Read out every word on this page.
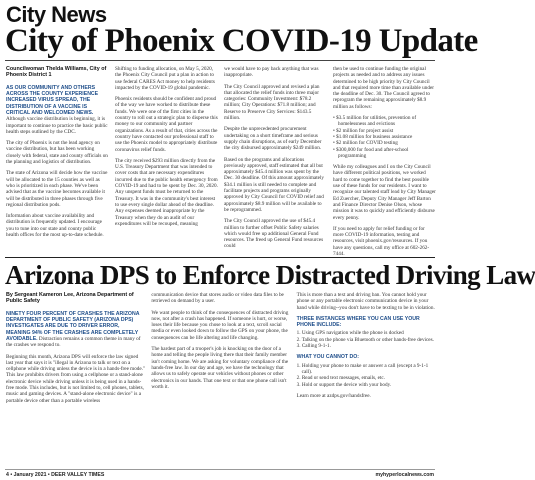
City News
City of Phoenix COVID-19 Update
Councilwoman Thelda Williams, City of Phoenix District 1

AS OUR COMMUNITY AND OTHERS ACROSS THE COUNTY EXPERIENCE INCREASED VIRUS SPREAD, THE DISTRIBUTION OF A VACCINE IS CRITICAL AND WELCOMED NEWS. Although vaccine distribution is beginning, it is important to continue to practice the basic public health steps outlined by the CDC.

The city of Phoenix is not the lead agency on vaccine distribution, but has been working closely with federal, state and county officials on the planning and logistics of distribution.

The state of Arizona will decide how the vaccine will be allocated to the 15 counties as well as who is prioritized in each phase. We've been advised that as the vaccine becomes available it will be distributed in three phases through five regional distribution pods.

Information about vaccine availability and distribution is frequently updated. I encourage you to tune into our state and county public health offices for the most up-to-date schedule.

Shifting to funding allocation, on May 5, 2020, the Phoenix City Council put a plan in action to use federal CARES Act money to help residents impacted by the COVID-19 global pandemic.

Phoenix residents should be confident and proud of the way we have worked to distribute these funds. We were one of the first cities in the country to roll out a strategic plan to disperse this money to our community and partner organizations. As a result of that, cities across the country have contacted our professional staff to use the Phoenix model to appropriately distribute coronavirus relief funds.

The city received $293 million directly from the U.S. Treasury Department that was intended to cover costs that are necessary expenditures incurred due to the public health emergency from COVID-19 and had to be spent by Dec. 30, 2020. Any unspent funds must be returned to the Treasury. It was in the community's best interest to use every single dollar ahead of the deadline. Any expenses deemed inappropriate by the Treasury when they do an audit of our expenditures will be recouped, meaning

we would have to pay back anything that was inappropriate.

The City Council approved and revised a plan that allocated the relief funds into three major categories: Community Investment: $78.2 million; City Operations: $71.8 million; and Reserve to Preserve City Services: $143.5 million.

Despite the unprecedented procurement undertaking on a short timeframe and serious supply chain disruptions, as of early December the city disbursed approximately $249 million.

Based on the programs and allocations previously approved, staff estimated that all but approximately $45.4 million was spent by the Dec. 30 deadline. Of this amount approximately $34.1 million is still needed to complete and facilitate projects and programs originally approved by City Council for COVID relief and approximately $8.9 million will be available to be reprogrammed.

The City Council approved the use of $45.4 million to further offset Public Safety salaries which would free up additional General Fund resources. The freed up General Fund resources could

then be used to continue funding the original projects as needed and to address any issues determined to be high priority by City Council and that required more time than available under the deadline of Dec. 30. The Council agreed to reprogram the remaining approximately $8.9 million as follows:

• $3.5 million for utilities, prevention of homelessness and evictions
• $2 million for project assist
• $1.08 million for business assistance
• $2 million for COVID testing
• $300,000 for food and after-school programming

While my colleagues and I on the City Council have different political positions, we worked hard to come together to find the best possible use of these funds for our residents. I want to recognize our talented staff lead by City Manager Ed Zuercher, Deputy City Manager Jeff Barton and Finance Director Denise Olson, whose mission it was to quickly and efficiently disburse every penny.

If you need to apply for relief funding or for more COVID-19 information, testing and resources, visit phoenix.gov/resources. If you have any questions, call my office at 602-262-7444.

Arizona DPS to Enforce Distracted Driving Law
By Sergeant Kameron Lee, Arizona Department of Public Safety

NINETY FOUR PERCENT OF CRASHES THE ARIZONA DEPARTMENT OF PUBLIC SAFETY (ARIZONA DPS) INVESTIGATES ARE DUE TO DRIVER ERROR, MEANING 94% OF THE CRASHES ARE COMPLETELY AVOIDABLE. Distraction remains a common theme in many of the crashes we respond to.

Beginning this month, Arizona DPS will enforce the law signed last year that says it is "illegal in Arizona to talk or text on a cellphone while driving unless the device is in a hands-free mode." This law prohibits drivers from using a cellphone or a stand-alone electronic device while driving unless it is being used in a hands-free mode. This includes, but is not limited to, cell phones, tablets, music and gaming devices. A "stand-alone electronic device" is a portable device other than a portable wireless

communication device that stores audio or video data files to be retrieved on demand by a user.

We want people to think of the consequences of distracted driving now, not after a crash has happened. If someone is hurt, or worse, loses their life because you chose to look at a text, scroll social media or even looked down to follow the GPS on your phone, the consequences can be life altering and life changing.

The hardest part of a trooper's job is knocking on the door of a home and telling the people living there that their family member isn't coming home. We are asking for voluntary compliance of the hands-free law. In our day and age, we have the technology that allows us to safely operate our vehicles without phones or other electronics in our hands. That one text or that one phone call isn't worth it.

This is more than a text and driving ban. You cannot hold your phone or any portable electronic communication device in your hand while driving--you don't have to be texting to be in violation.

THREE INSTANCES WHERE YOU CAN USE YOUR PHONE INCLUDE:
1. Using GPS navigation while the phone is docked
2. Talking on the phone via Bluetooth or other hands-free devices.
3. Calling 9-1-1.
WHAT YOU CANNOT DO:
1. Holding your phone to make or answer a call (except a 9-1-1 call).
2. Read or send text messages, emails, etc.
3. Hold or support the device with your body.

Learn more at azdps.gov/handsfree.

4 • January 2021 • DEER VALLEY TIMES	myhyperlocalnews.com
